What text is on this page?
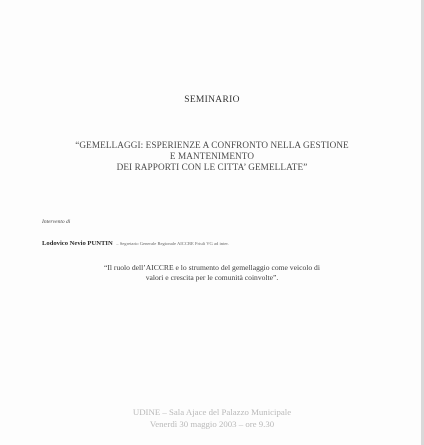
SEMINARIO
“GEMELLAGGI: ESPERIENZE A CONFRONTO NELLA GESTIONE
E MANTENIMENTO
DEI RAPPORTI CON LE CITTA’ GEMELLATE”
Intervento di
Lodovico Nevio PUNTIN – Segretario Generale Regionale AICCRE Friuli VG ad inter.
“Il ruolo dell’AICCRE e lo strumento del gemellaggio come veicolo di
valori e crescita per le comunità coinvolte”.
UDINE – Sala Ajace del Palazzo Municipale
Venerdì 30 maggio 2003 – ore 9.30
